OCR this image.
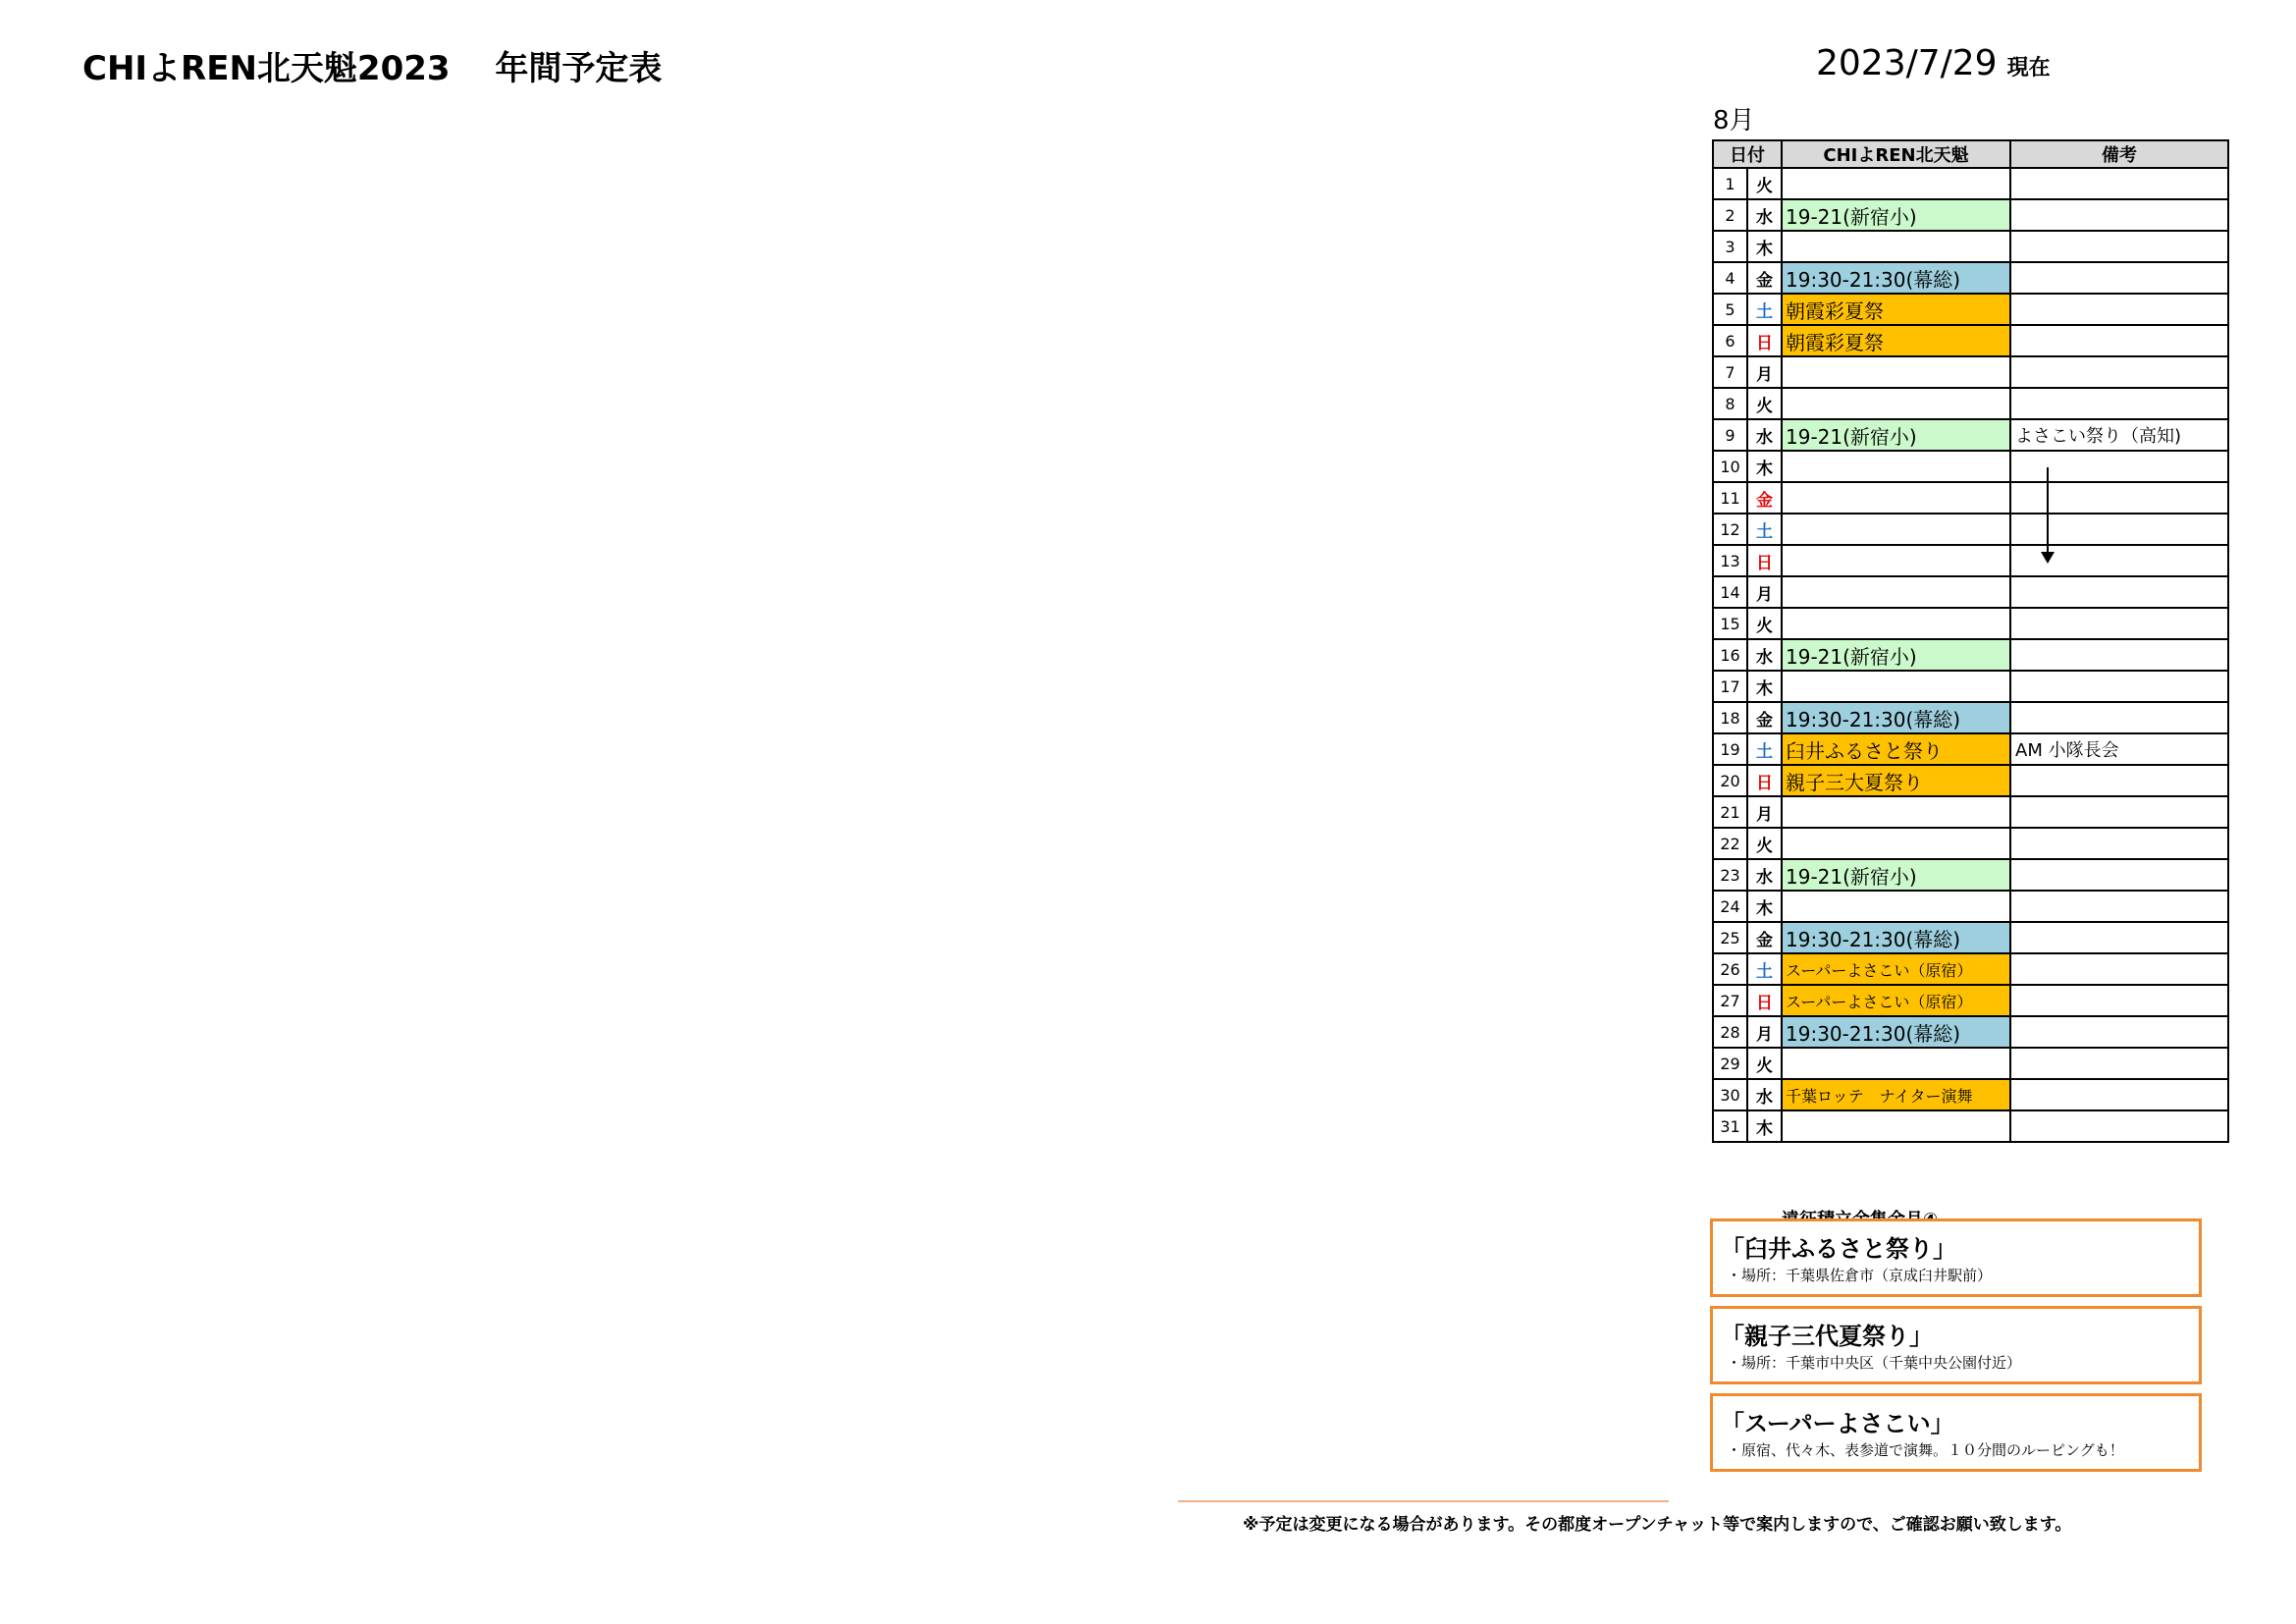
CHIよREN北天魁2023　 年間予定表	2023/7/29 現在
8月
日付		CHIよREN北天魁	備考
1	火		
2	水	19-21(新宿小)	
3	木		
4	金	19:30-21:30(幕総)	
5	土	朝霞彩夏祭	
6	日	朝霞彩夏祭	
7	月		
8	火		
9	水	19-21(新宿小)	よさこい祭り（高知)
10	木		
11	金		
12	土		
13	日		
14	月		
15	火		
16	水	19-21(新宿小)	
17	木		
18	金	19:30-21:30(幕総)	
19	土	臼井ふるさと祭り	AM 小隊長会
20	日	親子三大夏祭り	
21	月		
22	火		
23	水	19-21(新宿小)	
24	木		
25	金	19:30-21:30(幕総)	
26	土	スーパーよさこい（原宿）	
27	日	スーパーよさこい（原宿）	
28	月	19:30-21:30(幕総)	
29	火		
30	水	千葉ロッテ　ナイター演舞	
31	木		
「臼井ふるさと祭り」
・場所：千葉県佐倉市（京成臼井駅前）
「親子三代夏祭り」
・場所：千葉市中央区（千葉中央公園付近）
「スーパーよさこい」
・原宿、代々木、表参道で演舞。１０分間のルーピングも！
※予定は変更になる場合があります。その都度オープンチャット等で案内しますので、ご確認お願い致します。
